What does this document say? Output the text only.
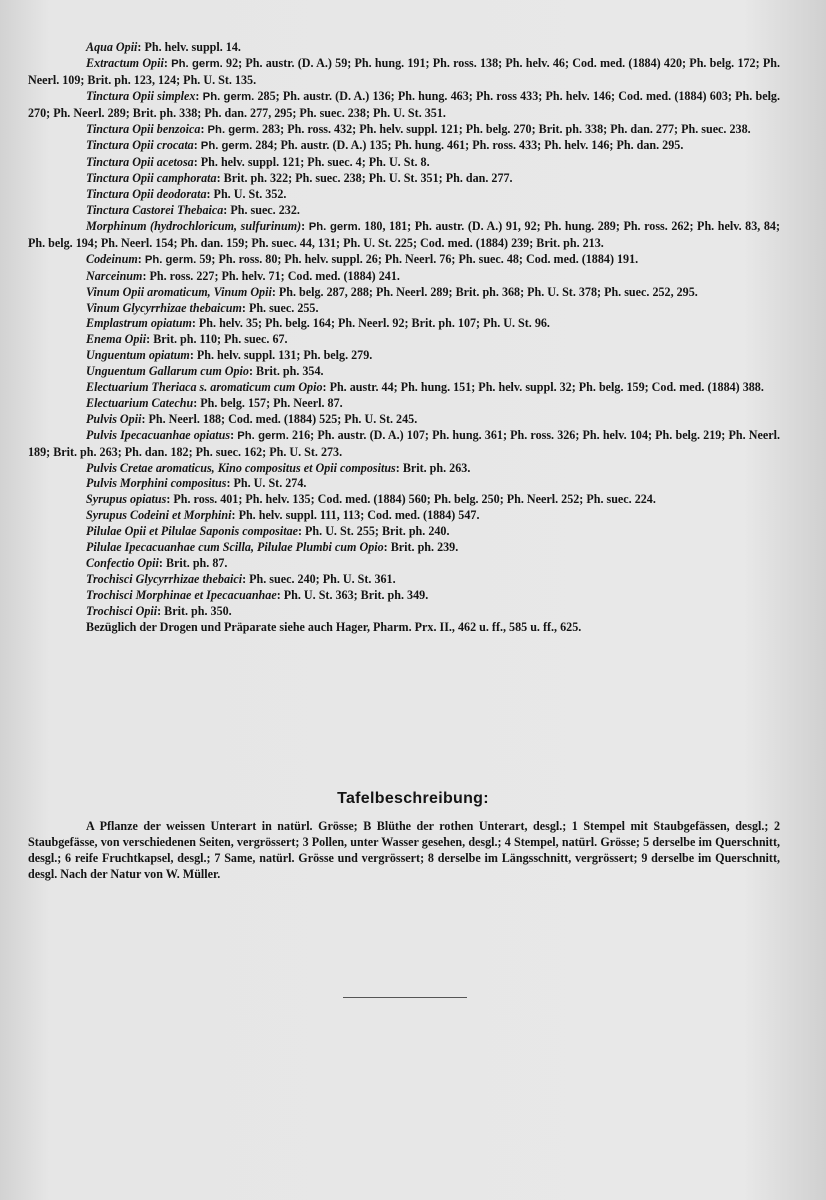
Aqua Opii: Ph. helv. suppl. 14.
Extractum Opii: Ph. germ. 92; Ph. austr. (D. A.) 59; Ph. hung. 191; Ph. ross. 138; Ph. helv. 46; Cod. med. (1884) 420; Ph. belg. 172; Ph. Neerl. 109; Brit. ph. 123, 124; Ph. U. St. 135.
Tinctura Opii simplex: Ph. germ. 285; Ph. austr. (D. A.) 136; Ph. hung. 463; Ph. ross 433; Ph. helv. 146; Cod. med. (1884) 603; Ph. belg. 270; Ph. Neerl. 289; Brit. ph. 338; Ph. dan. 277, 295; Ph. suec. 238; Ph. U. St. 351.
Tinctura Opii benzoica: Ph. germ. 283; Ph. ross. 432; Ph. helv. suppl. 121; Ph. belg. 270; Brit. ph. 338; Ph. dan. 277; Ph. suec. 238.
Tinctura Opii crocata: Ph. germ. 284; Ph. austr. (D. A.) 135; Ph. hung. 461; Ph. ross. 433; Ph. helv. 146; Ph. dan. 295.
Tinctura Opii acetosa: Ph. helv. suppl. 121; Ph. suec. 4; Ph. U. St. 8.
Tinctura Opii camphorata: Brit. ph. 322; Ph. suec. 238; Ph. U. St. 351; Ph. dan. 277.
Tinctura Opii deodorata: Ph. U. St. 352.
Tinctura Castorei Thebaica: Ph. suec. 232.
Morphinum (hydrochloricum, sulfurinum): Ph. germ. 180, 181; Ph. austr. (D. A.) 91, 92; Ph. hung. 289; Ph. ross. 262; Ph. helv. 83, 84; Ph. belg. 194; Ph. Neerl. 154; Ph. dan. 159; Ph. suec. 44, 131; Ph. U. St. 225; Cod. med. (1884) 239; Brit. ph. 213.
Codeinum: Ph. germ. 59; Ph. ross. 80; Ph. helv. suppl. 26; Ph. Neerl. 76; Ph. suec. 48; Cod. med. (1884) 191.
Narceinum: Ph. ross. 227; Ph. helv. 71; Cod. med. (1884) 241.
Vinum Opii aromaticum, Vinum Opii: Ph. belg. 287, 288; Ph. Neerl. 289; Brit. ph. 368; Ph. U. St. 378; Ph. suec. 252, 295.
Vinum Glycyrrhizae thebaicum: Ph. suec. 255.
Emplastrum opiatum: Ph. helv. 35; Ph. belg. 164; Ph. Neerl. 92; Brit. ph. 107; Ph. U. St. 96.
Enema Opii: Brit. ph. 110; Ph. suec. 67.
Unguentum opiatum: Ph. helv. suppl. 131; Ph. belg. 279.
Unguentum Gallarum cum Opio: Brit. ph. 354.
Electuarium Theriaca s. aromaticum cum Opio: Ph. austr. 44; Ph. hung. 151; Ph. helv. suppl. 32; Ph. belg. 159; Cod. med. (1884) 388.
Electuarium Catechu: Ph. belg. 157; Ph. Neerl. 87.
Pulvis Opii: Ph. Neerl. 188; Cod. med. (1884) 525; Ph. U. St. 245.
Pulvis Ipecacuanhae opiatus: Ph. germ. 216; Ph. austr. (D. A.) 107; Ph. hung. 361; Ph. ross. 326; Ph. helv. 104; Ph. belg. 219; Ph. Neerl. 189; Brit. ph. 263; Ph. dan. 182; Ph. suec. 162; Ph. U. St. 273.
Pulvis Cretae aromaticus, Kino compositus et Opii compositus: Brit. ph. 263.
Pulvis Morphini compositus: Ph. U. St. 274.
Syrupus opiatus: Ph. ross. 401; Ph. helv. 135; Cod. med. (1884) 560; Ph. belg. 250; Ph. Neerl. 252; Ph. suec. 224.
Syrupus Codeini et Morphini: Ph. helv. suppl. 111, 113; Cod. med. (1884) 547.
Pilulae Opii et Pilulae Saponis compositae: Ph. U. St. 255; Brit. ph. 240.
Pilulae Ipecacuanhae cum Scilla, Pilulae Plumbi cum Opio: Brit. ph. 239.
Confectio Opii: Brit. ph. 87.
Trochisci Glycyrrhizae thebaici: Ph. suec. 240; Ph. U. St. 361.
Trochisci Morphinae et Ipecacuanhae: Ph. U. St. 363; Brit. ph. 349.
Trochisci Opii: Brit. ph. 350.
Bezüglich der Drogen und Präparate siehe auch Hager, Pharm. Prx. II., 462 u. ff., 585 u. ff., 625.
Tafelbeschreibung:
A Pflanze der weissen Unterart in natürl. Grösse; B Blüthe der rothen Unterart, desgl.; 1 Stempel mit Staubgefässen, desgl.; 2 Staubgefässe, von verschiedenen Seiten, vergrössert; 3 Pollen, unter Wasser gesehen, desgl.; 4 Stempel, natürl. Grösse; 5 derselbe im Querschnitt, desgl.; 6 reife Fruchtkapsel, desgl.; 7 Same, natürl. Grösse und vergrössert; 8 derselbe im Längsschnitt, vergrössert; 9 derselbe im Querschnitt, desgl. Nach der Natur von W. Müller.
